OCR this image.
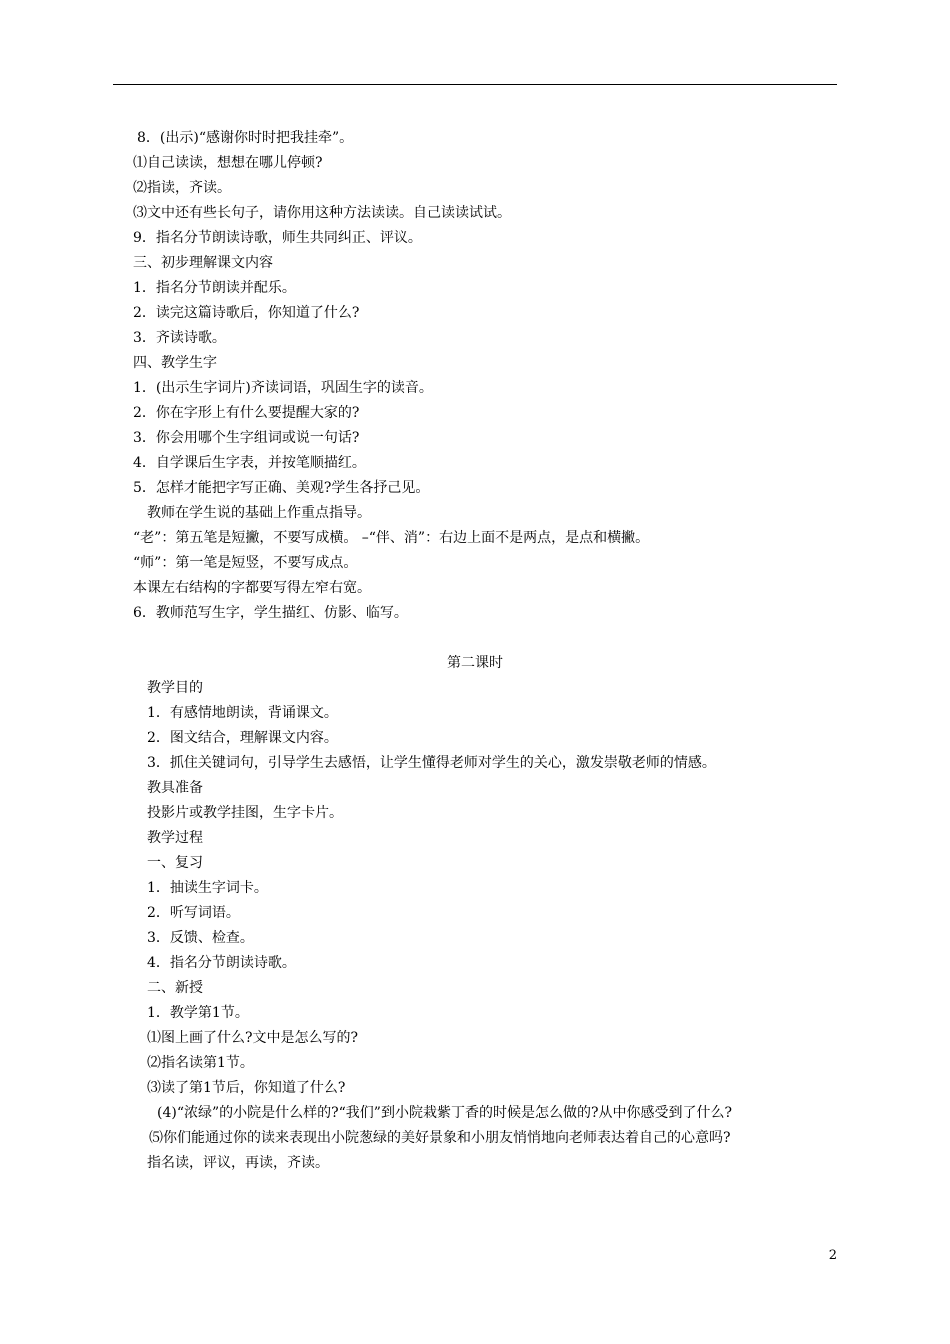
8．(出示)“感谢你时时把我挂牵”。

⑴自己读读，想想在哪儿停顿?

⑵指读，齐读。

⑶文中还有些长句子，请你用这种方法读读。自己读读试试。

9．指名分节朗读诗歌，师生共同纠正、评议。

三、初步理解课文内容

1．指名分节朗读并配乐。

2．读完这篇诗歌后，你知道了什么?

3．齐读诗歌。

四、教学生字

1．(出示生字词片)齐读词语，巩固生字的读音。

2．你在字形上有什么要提醒大家的?

3．你会用哪个生字组词或说一句话?

4．自学课后生字表，并按笔顺描红。

5．怎样才能把字写正确、美观?学生各抒己见。

教师在学生说的基础上作重点指导。

“老”：第五笔是短撇，不要写成横。 –“伴、消”：右边上面不是两点，是点和横撇。

“师”：第一笔是短竖，不要写成点。

本课左右结构的字都要写得左窄右宽。

6．教师范写生字，学生描红、仿影、临写。

第二课时

教学目的

1．有感情地朗读，背诵课文。

2．图文结合，理解课文内容。

3．抓住关键词句，引导学生去感悟，让学生懂得老师对学生的关心，激发崇敬老师的情感。

教具准备

投影片或教学挂图，生字卡片。

教学过程

一、复习

1．抽读生字词卡。

2．听写词语。

3．反馈、检查。

4．指名分节朗读诗歌。

二、新授

1．教学第1节。

⑴图上画了什么?文中是怎么写的?

⑵指名读第1节。

⑶读了第1节后，你知道了什么?

(4)“浓绿”的小院是什么样的?“我们”到小院栽紫丁香的时候是怎么做的?从中你感受到了什么?

⑸你们能通过你的读来表现出小院葱绿的美好景象和小朋友悄悄地向老师表达着自己的心意吗?

指名读，评议，再读，齐读。

2
